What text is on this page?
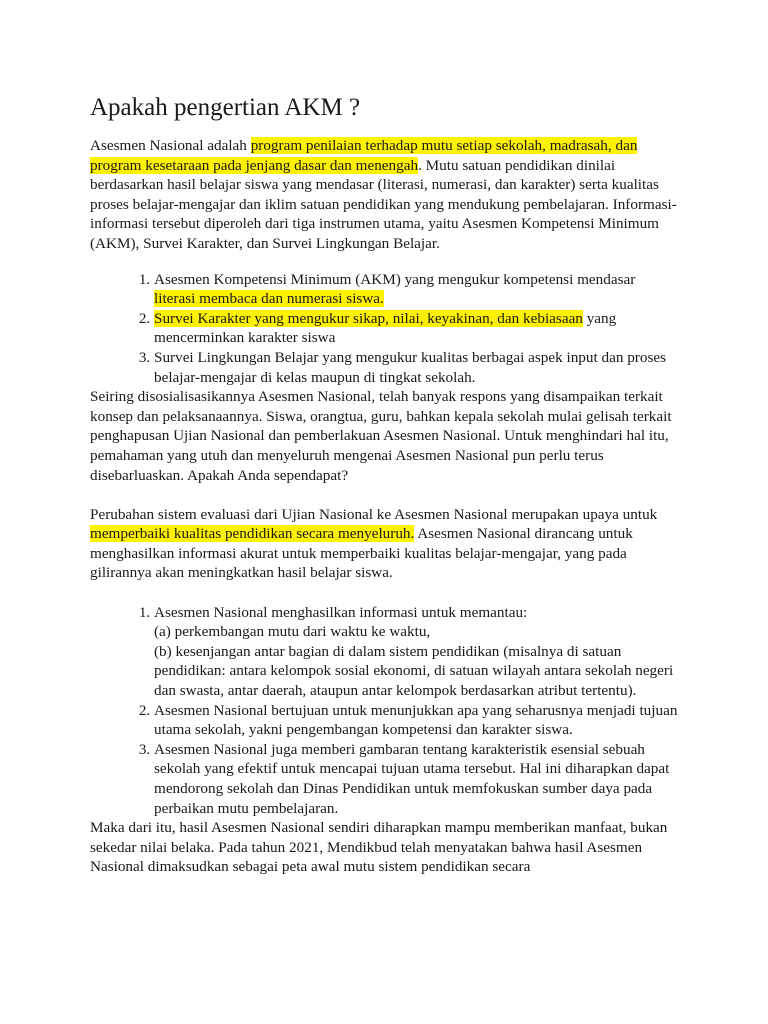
Apakah pengertian AKM ?

Asesmen Nasional adalah program penilaian terhadap mutu setiap sekolah, madrasah, dan program kesetaraan pada jenjang dasar dan menengah. Mutu satuan pendidikan dinilai berdasarkan hasil belajar siswa yang mendasar (literasi, numerasi, dan karakter) serta kualitas proses belajar-mengajar dan iklim satuan pendidikan yang mendukung pembelajaran. Informasi-informasi tersebut diperoleh dari tiga instrumen utama, yaitu Asesmen Kompetensi Minimum (AKM), Survei Karakter, dan Survei Lingkungan Belajar.

1. Asesmen Kompetensi Minimum (AKM) yang mengukur kompetensi mendasar literasi membaca dan numerasi siswa.
2. Survei Karakter yang mengukur sikap, nilai, keyakinan, dan kebiasaan yang mencerminkan karakter siswa
3. Survei Lingkungan Belajar yang mengukur kualitas berbagai aspek input dan proses belajar-mengajar di kelas maupun di tingkat sekolah.

Seiring disosialisasikannya Asesmen Nasional, telah banyak respons yang disampaikan terkait konsep dan pelaksanaannya. Siswa, orangtua, guru, bahkan kepala sekolah mulai gelisah terkait penghapusan Ujian Nasional dan pemberlakuan Asesmen Nasional. Untuk menghindari hal itu, pemahaman yang utuh dan menyeluruh mengenai Asesmen Nasional pun perlu terus disebarluaskan. Apakah Anda sependapat?

Perubahan sistem evaluasi dari Ujian Nasional ke Asesmen Nasional merupakan upaya untuk memperbaiki kualitas pendidikan secara menyeluruh. Asesmen Nasional dirancang untuk menghasilkan informasi akurat untuk memperbaiki kualitas belajar-mengajar, yang pada gilirannya akan meningkatkan hasil belajar siswa.

1. Asesmen Nasional menghasilkan informasi untuk memantau:
(a) perkembangan mutu dari waktu ke waktu,
(b) kesenjangan antar bagian di dalam sistem pendidikan (misalnya di satuan pendidikan: antara kelompok sosial ekonomi, di satuan wilayah antara sekolah negeri dan swasta, antar daerah, ataupun antar kelompok berdasarkan atribut tertentu).
2. Asesmen Nasional bertujuan untuk menunjukkan apa yang seharusnya menjadi tujuan utama sekolah, yakni pengembangan kompetensi dan karakter siswa.
3. Asesmen Nasional juga memberi gambaran tentang karakteristik esensial sebuah sekolah yang efektif untuk mencapai tujuan utama tersebut. Hal ini diharapkan dapat mendorong sekolah dan Dinas Pendidikan untuk memfokuskan sumber daya pada perbaikan mutu pembelajaran.

Maka dari itu, hasil Asesmen Nasional sendiri diharapkan mampu memberikan manfaat, bukan sekedar nilai belaka. Pada tahun 2021, Mendikbud telah menyatakan bahwa hasil Asesmen Nasional dimaksudkan sebagai peta awal mutu sistem pendidikan secara
